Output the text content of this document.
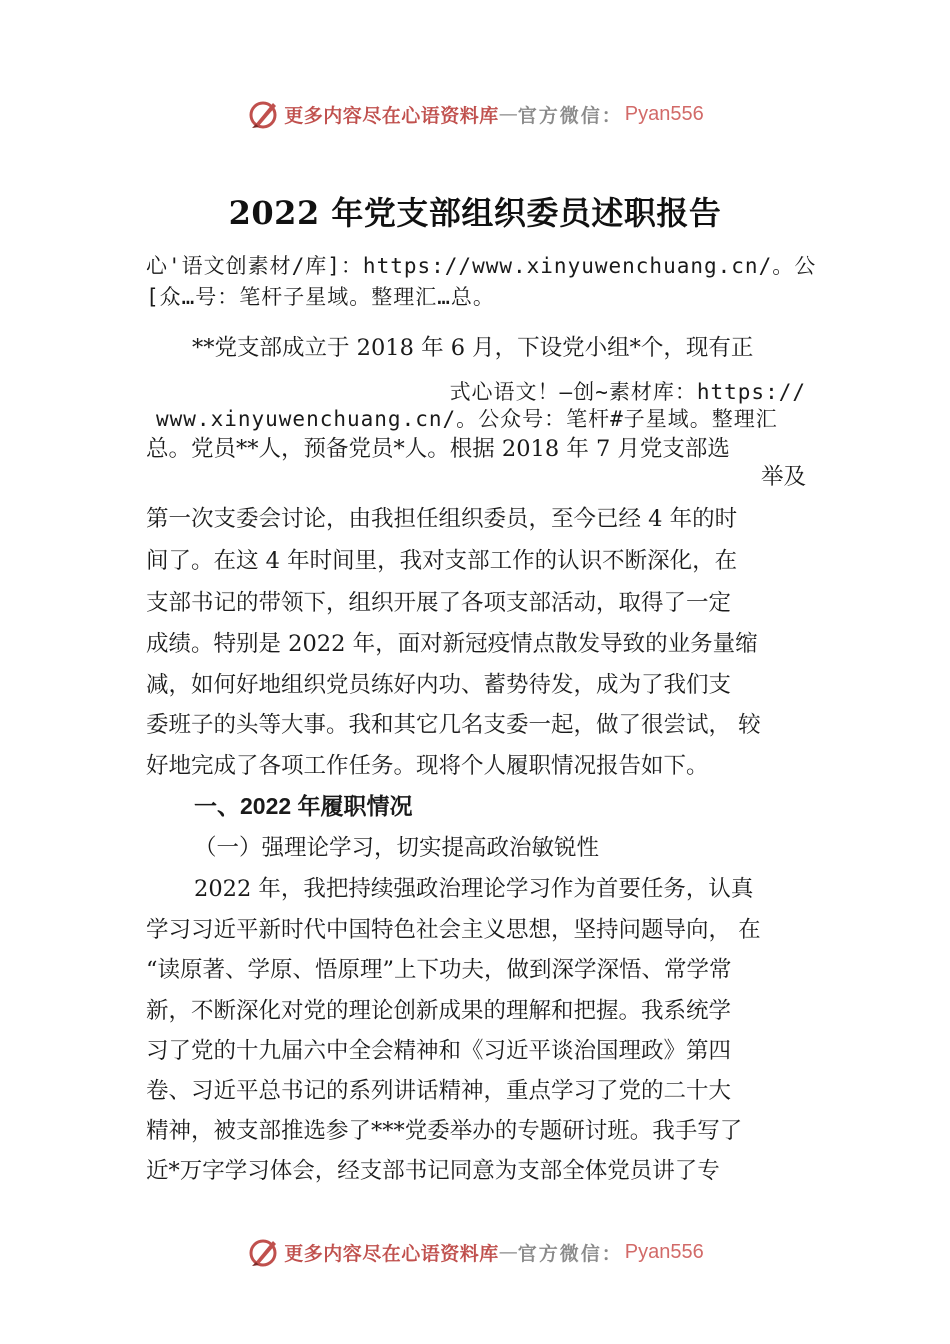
更多内容尽在心语资料库 — 官方微信： Pyan556
2022 年党支部组织委员述职报告
心'语文创素材/库]：https://www.xinyuwenchuang.cn/。公
[众…号：笔杆子星域。整理汇…总。
**党支部成立于 2018 年 6 月，下设党小组*个，现有正
式心语文！—创~素材库：https://
www.xinyuwenchuang.cn/。公众号：笔杆#子星域。整理汇
总。党员**人，预备党员*人。根据 2018 年 7 月党支部选
举及
第一次支委会讨论，由我担任组织委员，至今已经 4 年的时
间了。在这 4 年时间里，我对支部工作的认识不断深化，在
支部书记的带领下，组织开展了各项支部活动，取得了一定
成绩。特别是 2022 年，面对新冠疫情点散发导致的业务量缩
减，如何好地组织党员练好内功、蓄势待发，成为了我们支
委班子的头等大事。我和其它几名支委一起，做了很尝试， 较
好地完成了各项工作任务。现将个人履职情况报告如下。
一、2022 年履职情况
（一）强理论学习，切实提高政治敏锐性
2022 年，我把持续强政治理论学习作为首要任务，认真
学习习近平新时代中国特色社会主义思想，坚持问题导向， 在
“读原著、学原、悟原理”上下功夫，做到深学深悟、常学常
新，不断深化对党的理论创新成果的理解和把握。我系统学
习了党的十九届六中全会精神和《习近平谈治国理政》第四
卷、习近平总书记的系列讲话精神，重点学习了党的二十大
精神，被支部推选参了***党委举办的专题研讨班。我手写了
近*万字学习体会，经支部书记同意为支部全体党员讲了专
更多内容尽在心语资料库 — 官方微信： Pyan556
